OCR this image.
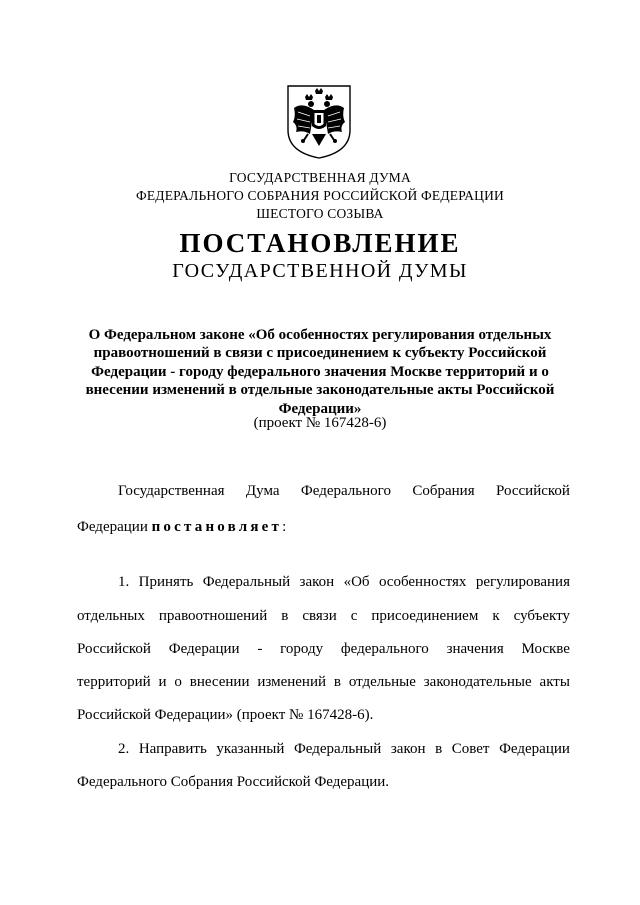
ГОСУДАРСТВЕННАЯ ДУМА
ФЕДЕРАЛЬНОГО СОБРАНИЯ РОССИЙСКОЙ ФЕДЕРАЦИИ
ШЕСТОГО СОЗЫВА
ПОСТАНОВЛЕНИЕ
ГОСУДАРСТВЕННОЙ ДУМЫ
О Федеральном законе «Об особенностях регулирования отдельных
правоотношений в связи с присоединением к субъекту Российской
Федерации - городу федерального значения Москве территорий и о
внесении изменений в отдельные законодательные акты Российской
Федерации»
(проект № 167428-6)
Государственная Дума Федерального Собрания Российской
Федерации постановляет:
1. Принять Федеральный закон «Об особенностях регулирования
отдельных правоотношений в связи с присоединением к субъекту
Российской Федерации - городу федерального значения Москве
территорий и о внесении изменений в отдельные законодательные акты
Российской Федерации» (проект № 167428-6).
2. Направить указанный Федеральный закон в Совет Федерации
Федерального Собрания Российской Федерации.
